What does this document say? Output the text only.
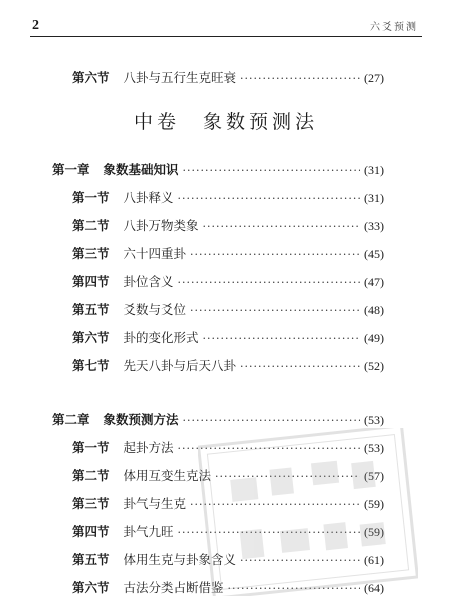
2	六爻预测
第六节 八卦与五行生克旺衰 ·····	(27)
中卷　象数预测法
第一章 象数基础知识 ·····	(31)
第一节 八卦释义 ·····	(31)
第二节 八卦万物类象 ·····	(33)
第三节 六十四重卦 ·····	(45)
第四节 卦位含义 ·····	(47)
第五节 爻数与爻位 ·····	(48)
第六节 卦的变化形式 ·····	(49)
第七节 先天八卦与后天八卦 ·····	(52)
第二章 象数预测方法 ·····	(53)
第一节 起卦方法 ·····	(53)
第二节 体用互变生克法 ·····	(57)
第三节 卦气与生克 ·····	(59)
第四节 卦气九旺 ·····	(59)
第五节 体用生克与卦象含义 ·····	(61)
第六节 古法分类占断借鉴 ·····	(64)
